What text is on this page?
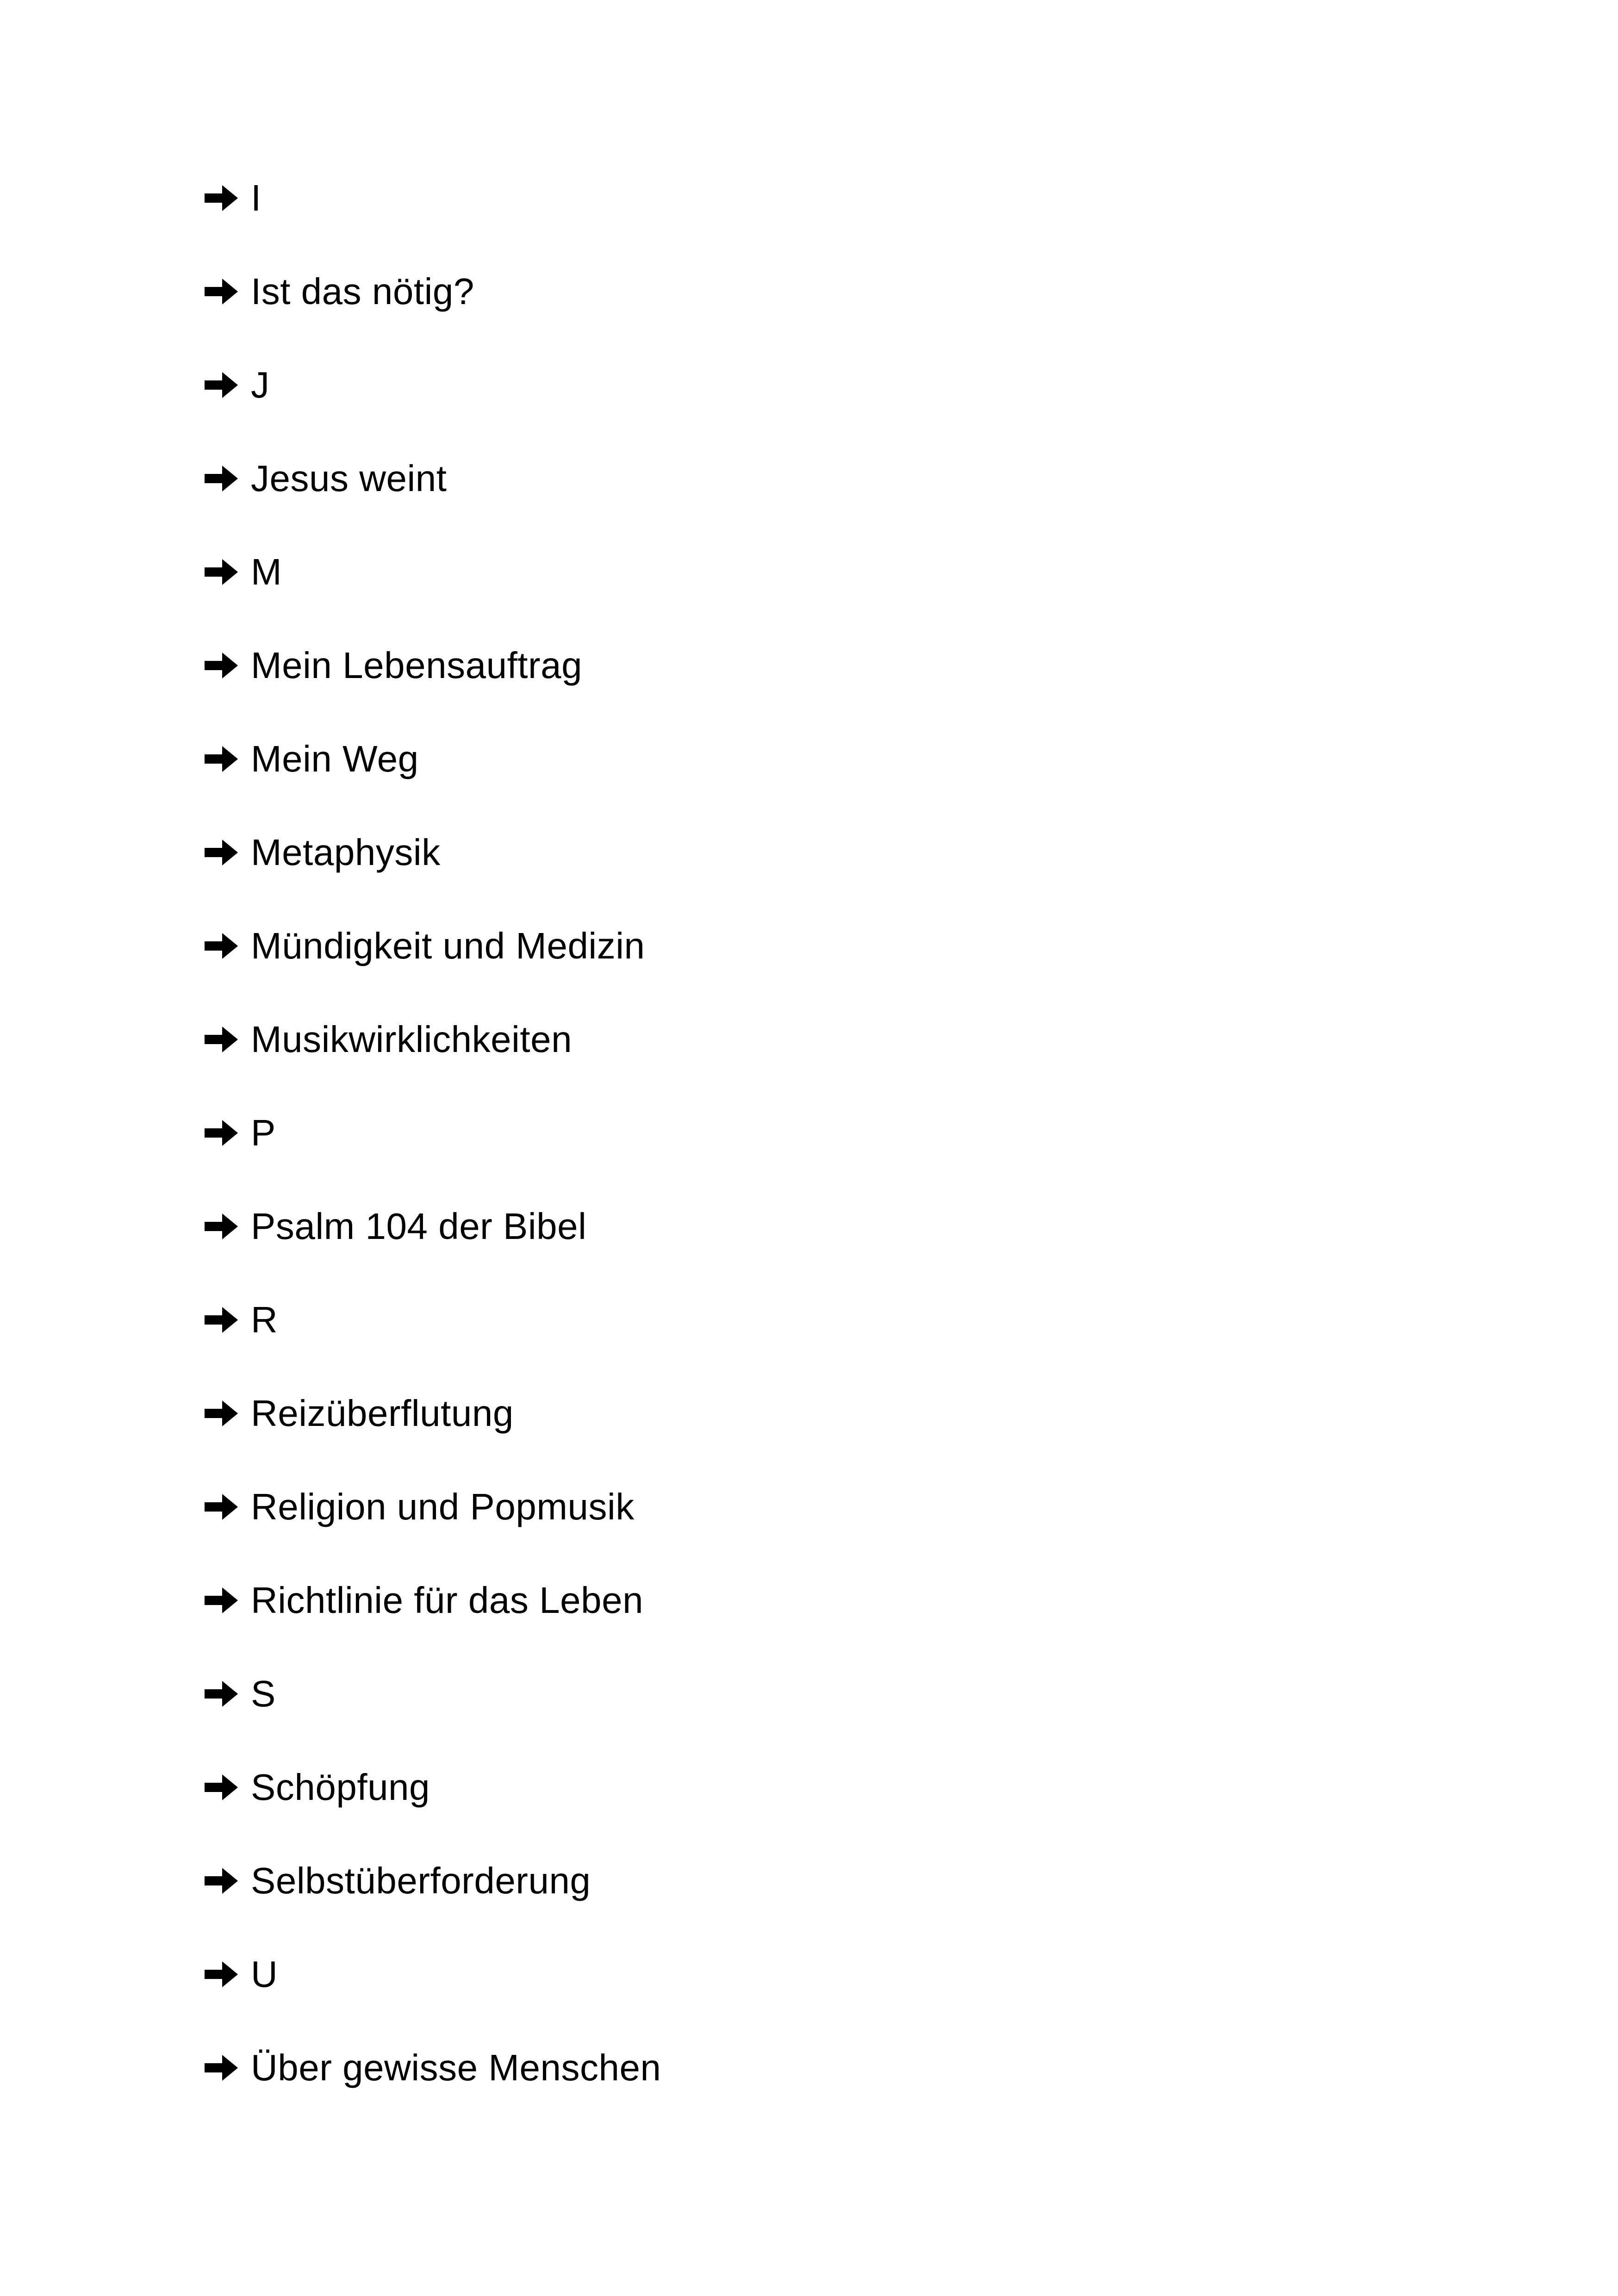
I
Ist das nötig?
J
Jesus weint
M
Mein Lebensauftrag
Mein Weg
Metaphysik
Mündigkeit und Medizin
Musikwirklichkeiten
P
Psalm 104 der Bibel
R
Reizüberflutung
Religion und Popmusik
Richtlinie für das Leben
S
Schöpfung
Selbstüberforderung
U
Über gewisse Menschen
